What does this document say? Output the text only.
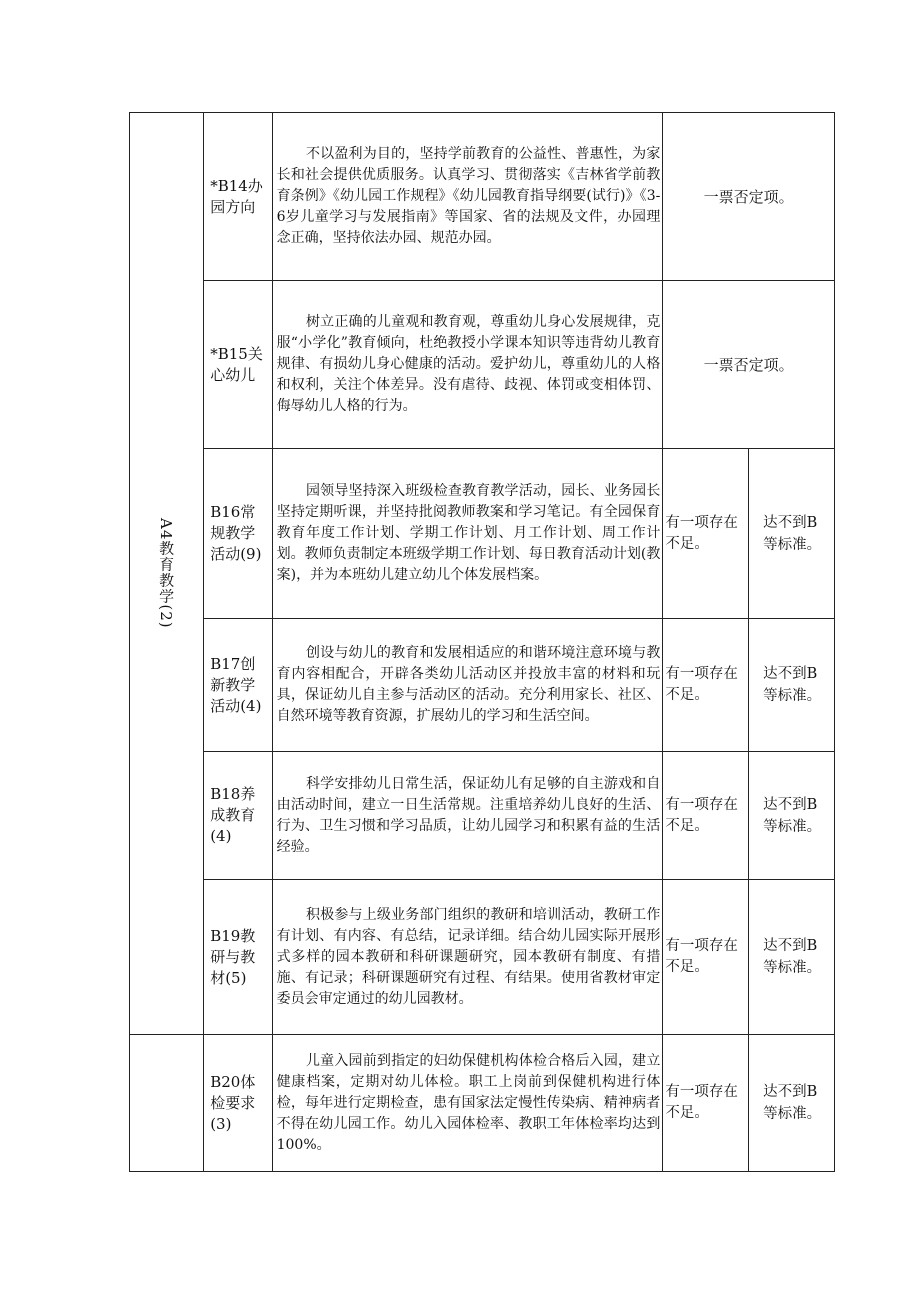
A4教育教学(2)	*B14办园方向	不以盈利为目的，坚持学前教育的公益性、普惠性，为家长和社会提供优质服务。认真学习、贯彻落实《吉林省学前教育条例》《幼儿园工作规程》《幼儿园教育指导纲要(试行)》《3-6岁儿童学习与发展指南》等国家、省的法规及文件，办园理念正确，坚持依法办园、规范办园。	一票否定项。	

	*B15关心幼儿	树立正确的儿童观和教育观，尊重幼儿身心发展规律，克服“小学化”教育倾向，杜绝教授小学课本知识等违背幼儿教育规律、有损幼儿身心健康的活动。爱护幼儿，尊重幼儿的人格和权利，关注个体差异。没有虐待、歧视、体罚或变相体罚、侮辱幼儿人格的行为。	一票否定项。	

	B16常规教学活动(9)	园领导坚持深入班级检查教育教学活动，园长、业务园长坚持定期听课，并坚持批阅教师教案和学习笔记。有全园保育教育年度工作计划、学期工作计划、月工作计划、周工作计划。教师负责制定本班级学期工作计划、每日教育活动计划(教案)，并为本班幼儿建立幼儿个体发展档案。	有一项存在不足。	达不到B等标准。

	B17创新教学活动(4)	创设与幼儿的教育和发展相适应的和谐环境注意环境与教育内容相配合，开辟各类幼儿活动区并投放丰富的材料和玩具，保证幼儿自主参与活动区的活动。充分利用家长、社区、自然环境等教育资源，扩展幼儿的学习和生活空间。	有一项存在不足。	达不到B等标准。

	B18养成教育(4)	科学安排幼儿日常生活，保证幼儿有足够的自主游戏和自由活动时间，建立一日生活常规。注重培养幼儿良好的生活、行为、卫生习惯和学习品质，让幼儿园学习和积累有益的生活经验。	有一项存在不足。	达不到B等标准。

	B19教研与教材(5)	积极参与上级业务部门组织的教研和培训活动，教研工作有计划、有内容、有总结，记录详细。结合幼儿园实际开展形式多样的园本教研和科研课题研究，园本教研有制度、有措施、有记录；科研课题研究有过程、有结果。使用省教材审定委员会审定通过的幼儿园教材。	有一项存在不足。	达不到B等标准。

	B20体检要求(3)	儿童入园前到指定的妇幼保健机构体检合格后入园，建立健康档案，定期对幼儿体检。职工上岗前到保健机构进行体检，每年进行定期检查，患有国家法定慢性传染病、精神病者不得在幼儿园工作。幼儿入园体检率、教职工年体检率均达到100%。	有一项存在不足。	达不到B等标准。
